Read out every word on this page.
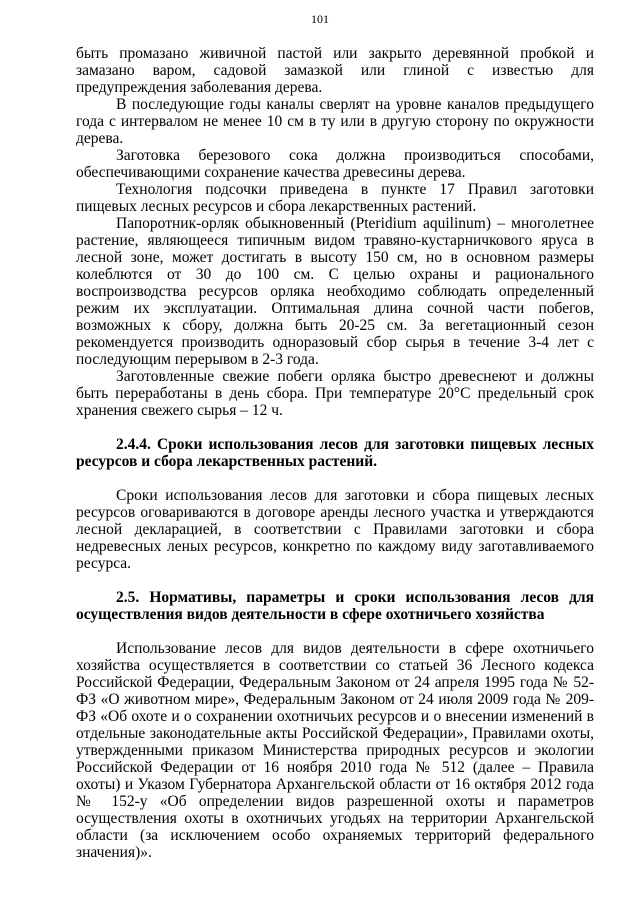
101

быть промазано живичной пастой или закрыто деревянной пробкой и замазано варом, садовой замазкой или глиной с известью для предупреждения заболевания дерева.

В последующие годы каналы сверлят на уровне каналов предыдущего года с интервалом не менее 10 см в ту или в другую сторону по окружности дерева.

Заготовка березового сока должна производиться способами, обеспечивающими сохранение качества древесины дерева.

Технология подсочки приведена в пункте 17 Правил заготовки пищевых лесных ресурсов и сбора лекарственных растений.

Папоротник-орляк обыкновенный (Pteridium aquilinum) – многолетнее растение, являющееся типичным видом травяно-кустарничкового яруса в лесной зоне, может достигать в высоту 150 см, но в основном размеры колеблются от 30 до 100 см. С целью охраны и рационального воспроизводства ресурсов орляка необходимо соблюдать определенный режим их эксплуатации. Оптимальная длина сочной части побегов, возможных к сбору, должна быть 20-25 см. За вегетационный сезон рекомендуется производить одноразовый сбор сырья в течение 3-4 лет с последующим перерывом в 2-3 года.

Заготовленные свежие побеги орляка быстро древеснеют и должны быть переработаны в день сбора. При температуре 20°С предельный срок хранения свежего сырья – 12 ч.

2.4.4. Сроки использования лесов для заготовки пищевых лесных ресурсов и сбора лекарственных растений.

Сроки использования лесов для заготовки и сбора пищевых лесных ресурсов оговариваются в договоре аренды лесного участка и утверждаются лесной декларацией, в соответствии с Правилами заготовки и сбора недревесных леных ресурсов, конкретно по каждому виду заготавливаемого ресурса.

2.5. Нормативы, параметры и сроки использования лесов для осуществления видов деятельности в сфере охотничьего хозяйства

Использование лесов для видов деятельности в сфере охотничьего хозяйства осуществляется в соответствии со статьей 36 Лесного кодекса Российской Федерации, Федеральным Законом от 24 апреля 1995 года № 52-ФЗ «О животном мире», Федеральным Законом от 24 июля 2009 года № 209-ФЗ «Об охоте и о сохранении охотничьих ресурсов и о внесении изменений в отдельные законодательные акты Российской Федерации», Правилами охоты, утвержденными приказом Министерства природных ресурсов и экологии Российской Федерации от 16 ноября 2010 года № 512 (далее – Правила охоты) и Указом Губернатора Архангельской области от 16 октября 2012 года № 152-у «Об определении видов разрешенной охоты и параметров осуществления охоты в охотничьих угодьях на территории Архангельской области (за исключением особо охраняемых территорий федерального значения)».
